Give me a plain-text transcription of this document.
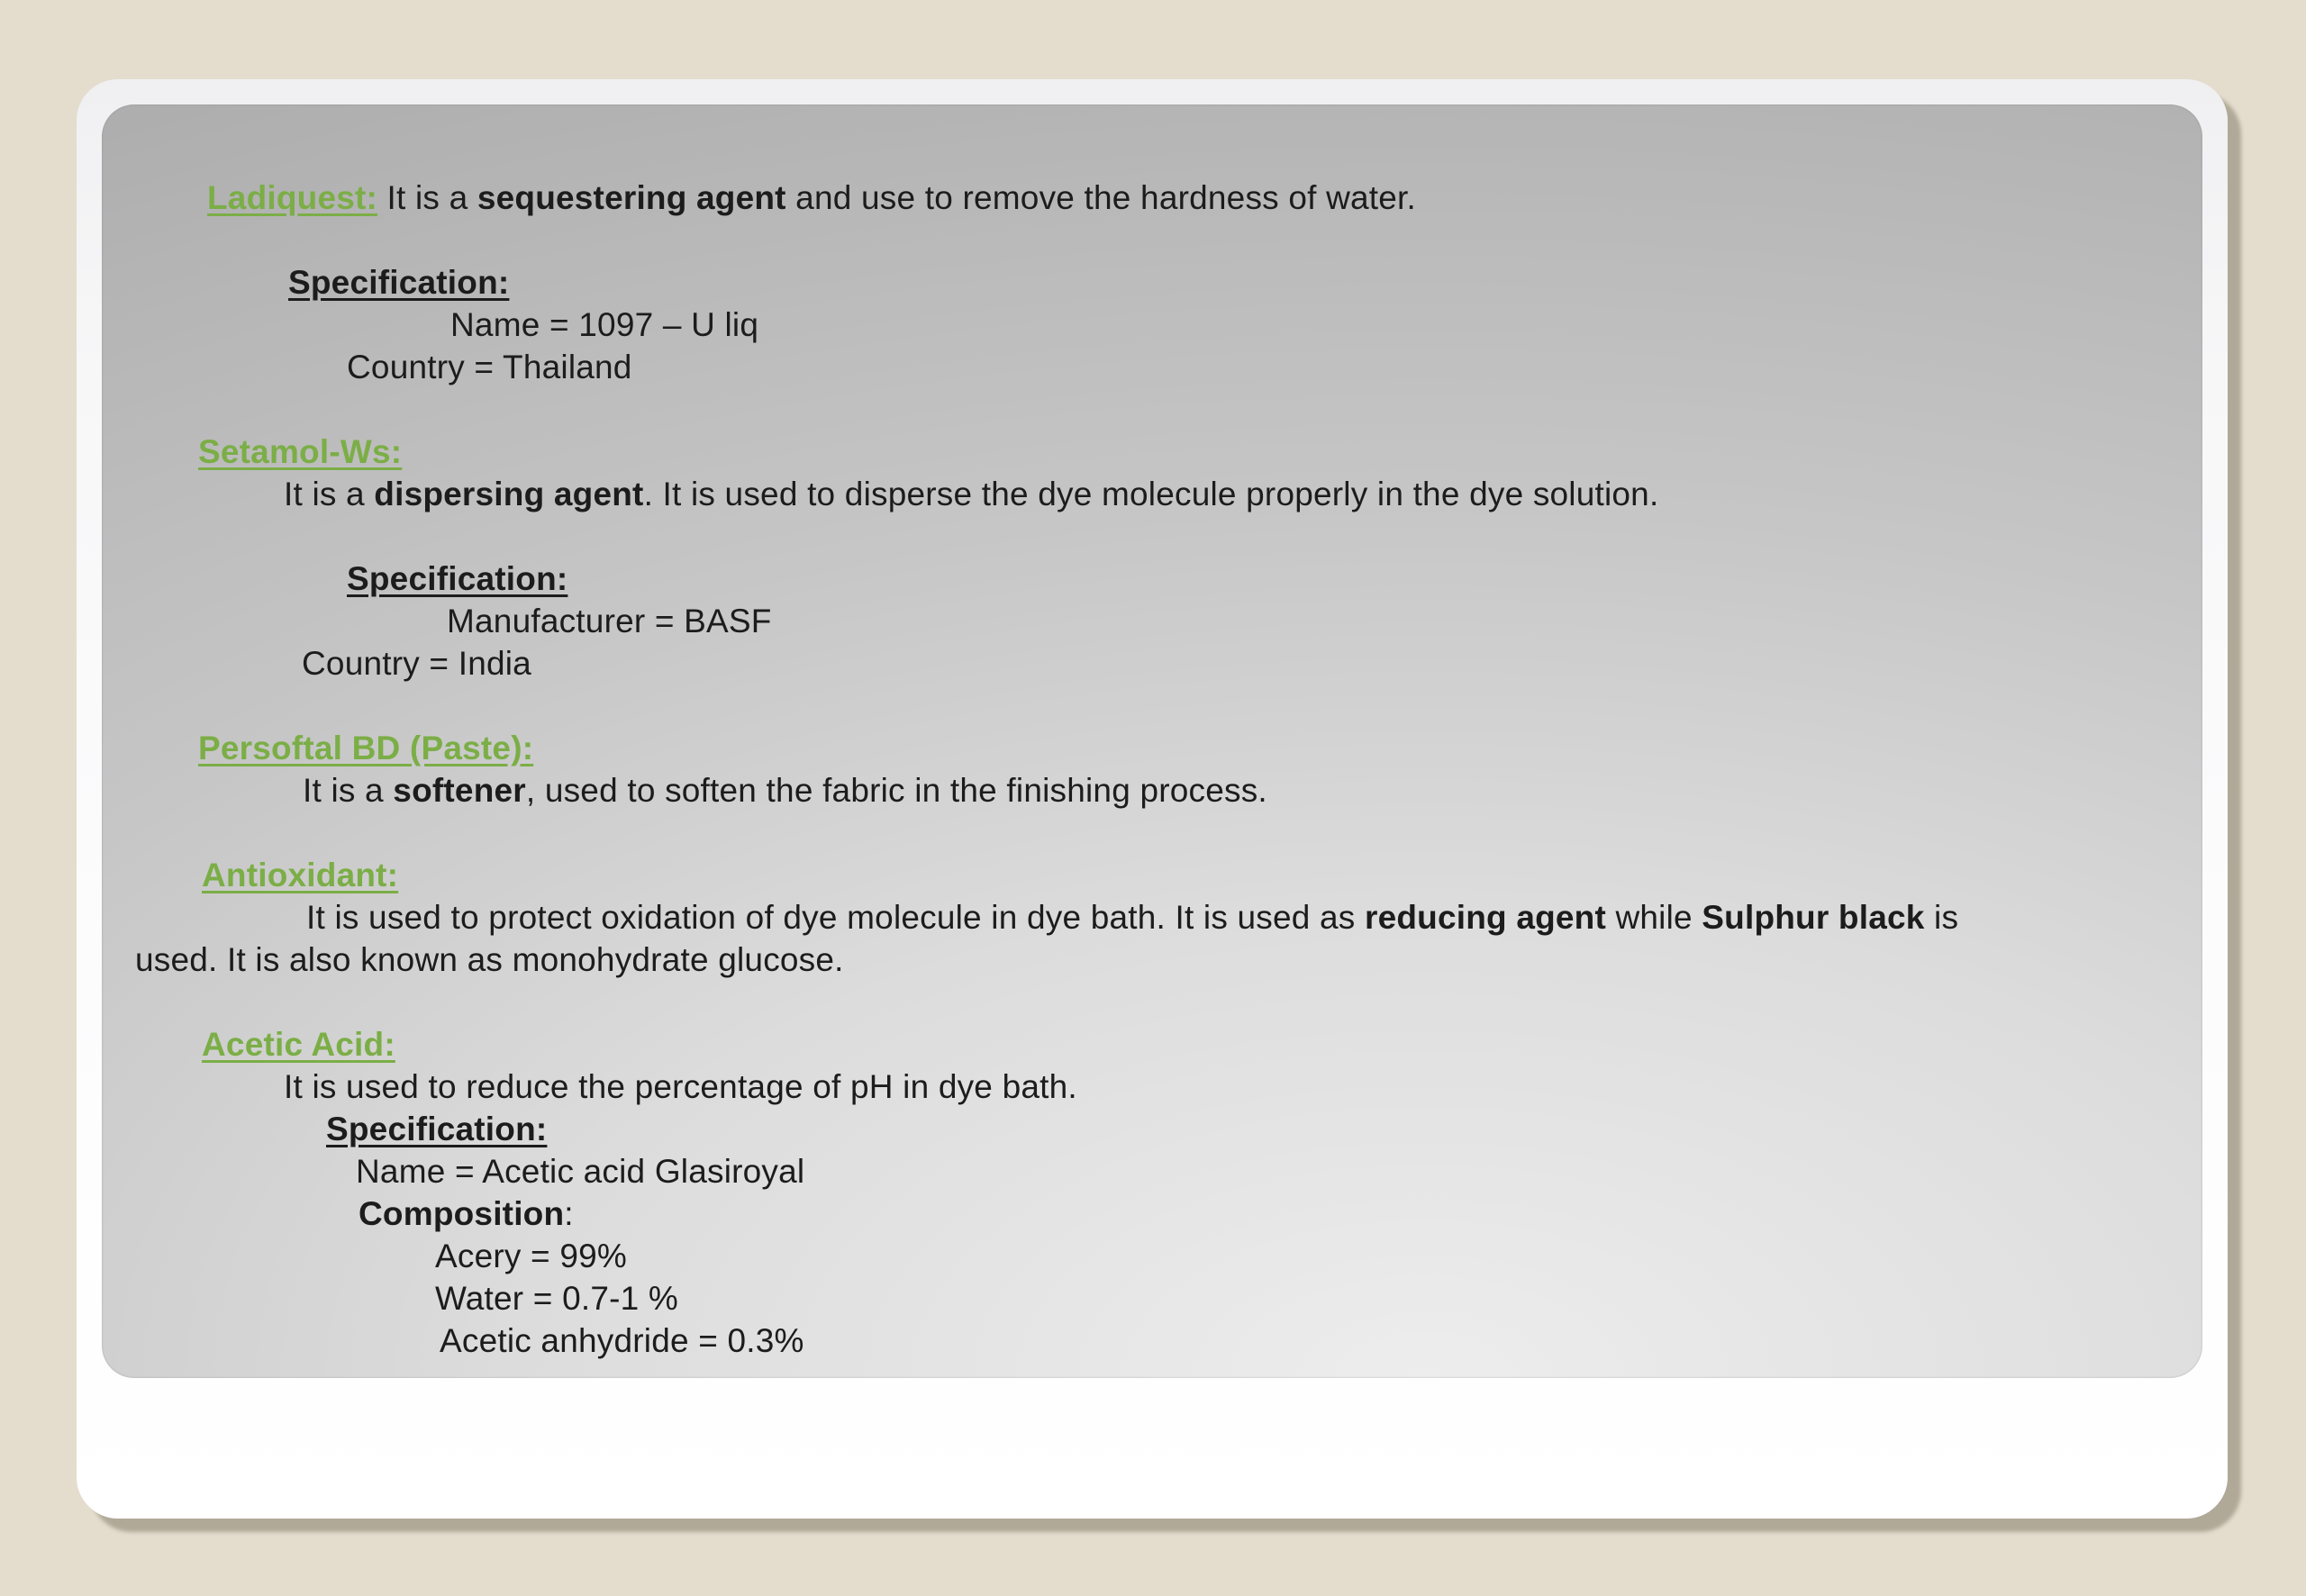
Ladiquest: It is a sequestering agent and use to remove the hardness of water.
Specification:
Name = 1097 – U liq
Country = Thailand
Setamol-Ws:
It is a dispersing agent. It is used to disperse the dye molecule properly in the dye solution.
Specification:
Manufacturer = BASF
Country = India
Persoftal BD (Paste):
It is a softener, used to soften the fabric in the finishing process.
Antioxidant:
It is used to protect oxidation of dye molecule in dye bath. It is used as reducing agent while Sulphur black is
used. It is also known as monohydrate glucose.
Acetic Acid:
It is used to reduce the percentage of pH in dye bath.
Specification:
Name = Acetic acid Glasiroyal
Composition:
Acery = 99%
Water = 0.7-1 %
Acetic anhydride = 0.3%
